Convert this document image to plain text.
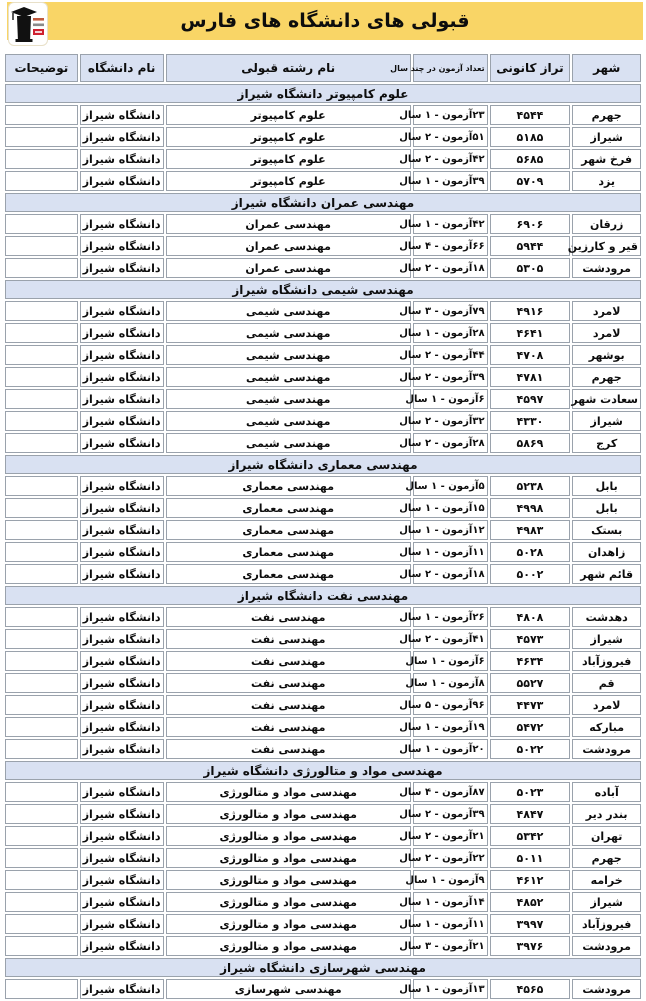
قبولی های دانشگاه های فارس
شهر	تراز کانونی	تعداد آزمون در چند سال	نام رشته قبولی	نام دانشگاه	توضیحات
علوم کامپیوتر دانشگاه شیراز					
جهرم	۴۵۴۴	۲۳آزمون - ۱ سال	علوم کامپیوتر	دانشگاه شیراز	
شیراز	۵۱۸۵	۵۱آزمون - ۲ سال	علوم کامپیوتر	دانشگاه شیراز	
فرخ شهر	۵۶۸۵	۴۲آزمون - ۲ سال	علوم کامپیوتر	دانشگاه شیراز	
یزد	۵۷۰۹	۳۹آزمون - ۱ سال	علوم کامپیوتر	دانشگاه شیراز	
مهندسی عمران دانشگاه شیراز					
زرقان	۶۹۰۶	۴۲آزمون - ۱ سال	مهندسی عمران	دانشگاه شیراز	
قیر و کارزین	۵۹۴۴	۶۶آزمون - ۴ سال	مهندسی عمران	دانشگاه شیراز	
مرودشت	۵۳۰۵	۱۸آزمون - ۲ سال	مهندسی عمران	دانشگاه شیراز	
مهندسی شیمی دانشگاه شیراز					
لامرد	۴۹۱۶	۷۹آزمون - ۳ سال	مهندسی شیمی	دانشگاه شیراز	
لامرد	۴۶۴۱	۲۸آزمون - ۱ سال	مهندسی شیمی	دانشگاه شیراز	
بوشهر	۴۷۰۸	۴۴آزمون - ۲ سال	مهندسی شیمی	دانشگاه شیراز	
جهرم	۴۷۸۱	۳۹آزمون - ۲ سال	مهندسی شیمی	دانشگاه شیراز	
سعادت شهر	۴۵۹۷	۶آزمون - ۱ سال	مهندسی شیمی	دانشگاه شیراز	
شیراز	۴۳۳۰	۳۲آزمون - ۲ سال	مهندسی شیمی	دانشگاه شیراز	
کرج	۵۸۶۹	۲۸آزمون - ۲ سال	مهندسی شیمی	دانشگاه شیراز	
مهندسی معماری دانشگاه شیراز					
بابل	۵۲۳۸	۵آزمون - ۱ سال	مهندسی معماری	دانشگاه شیراز	
بابل	۴۹۹۸	۱۵آزمون - ۱ سال	مهندسی معماری	دانشگاه شیراز	
بستک	۴۹۸۳	۱۲آزمون - ۱ سال	مهندسی معماری	دانشگاه شیراز	
زاهدان	۵۰۲۸	۱۱آزمون - ۱ سال	مهندسی معماری	دانشگاه شیراز	
قائم شهر	۵۰۰۲	۱۸آزمون - ۲ سال	مهندسی معماری	دانشگاه شیراز	
مهندسی نفت دانشگاه شیراز					
دهدشت	۴۸۰۸	۲۶آزمون - ۱ سال	مهندسی نفت	دانشگاه شیراز	
شیراز	۴۵۷۳	۴۱آزمون - ۲ سال	مهندسی نفت	دانشگاه شیراز	
فیروزآباد	۴۶۳۴	۶آزمون - ۱ سال	مهندسی نفت	دانشگاه شیراز	
قم	۵۵۲۷	۸آزمون - ۱ سال	مهندسی نفت	دانشگاه شیراز	
لامرد	۴۴۷۳	۹۶آزمون - ۵ سال	مهندسی نفت	دانشگاه شیراز	
مبارکه	۵۴۷۲	۱۹آزمون - ۱ سال	مهندسی نفت	دانشگاه شیراز	
مرودشت	۵۰۲۲	۲۰آزمون - ۱ سال	مهندسی نفت	دانشگاه شیراز	
مهندسی مواد و متالورژی دانشگاه شیراز					
آباده	۵۰۲۳	۸۷آزمون - ۴ سال	مهندسی مواد و متالورژی	دانشگاه شیراز	
بندر دیر	۴۸۴۷	۳۹آزمون - ۲ سال	مهندسی مواد و متالورژی	دانشگاه شیراز	
تهران	۵۳۴۲	۲۱آزمون - ۲ سال	مهندسی مواد و متالورژی	دانشگاه شیراز	
جهرم	۵۰۱۱	۲۲آزمون - ۲ سال	مهندسی مواد و متالورژی	دانشگاه شیراز	
خرامه	۴۶۱۲	۹آزمون - ۱ سال	مهندسی مواد و متالورژی	دانشگاه شیراز	
شیراز	۴۸۵۲	۱۴آزمون - ۱ سال	مهندسی مواد و متالورژی	دانشگاه شیراز	
فیروزآباد	۳۹۹۷	۱۱آزمون - ۱ سال	مهندسی مواد و متالورژی	دانشگاه شیراز	
مرودشت	۳۹۷۶	۲۱آزمون - ۳ سال	مهندسی مواد و متالورژی	دانشگاه شیراز	
مهندسی شهرسازی دانشگاه شیراز					
مرودشت	۴۵۶۵	۱۳آزمون - ۱ سال	مهندسی شهرسازی	دانشگاه شیراز	
